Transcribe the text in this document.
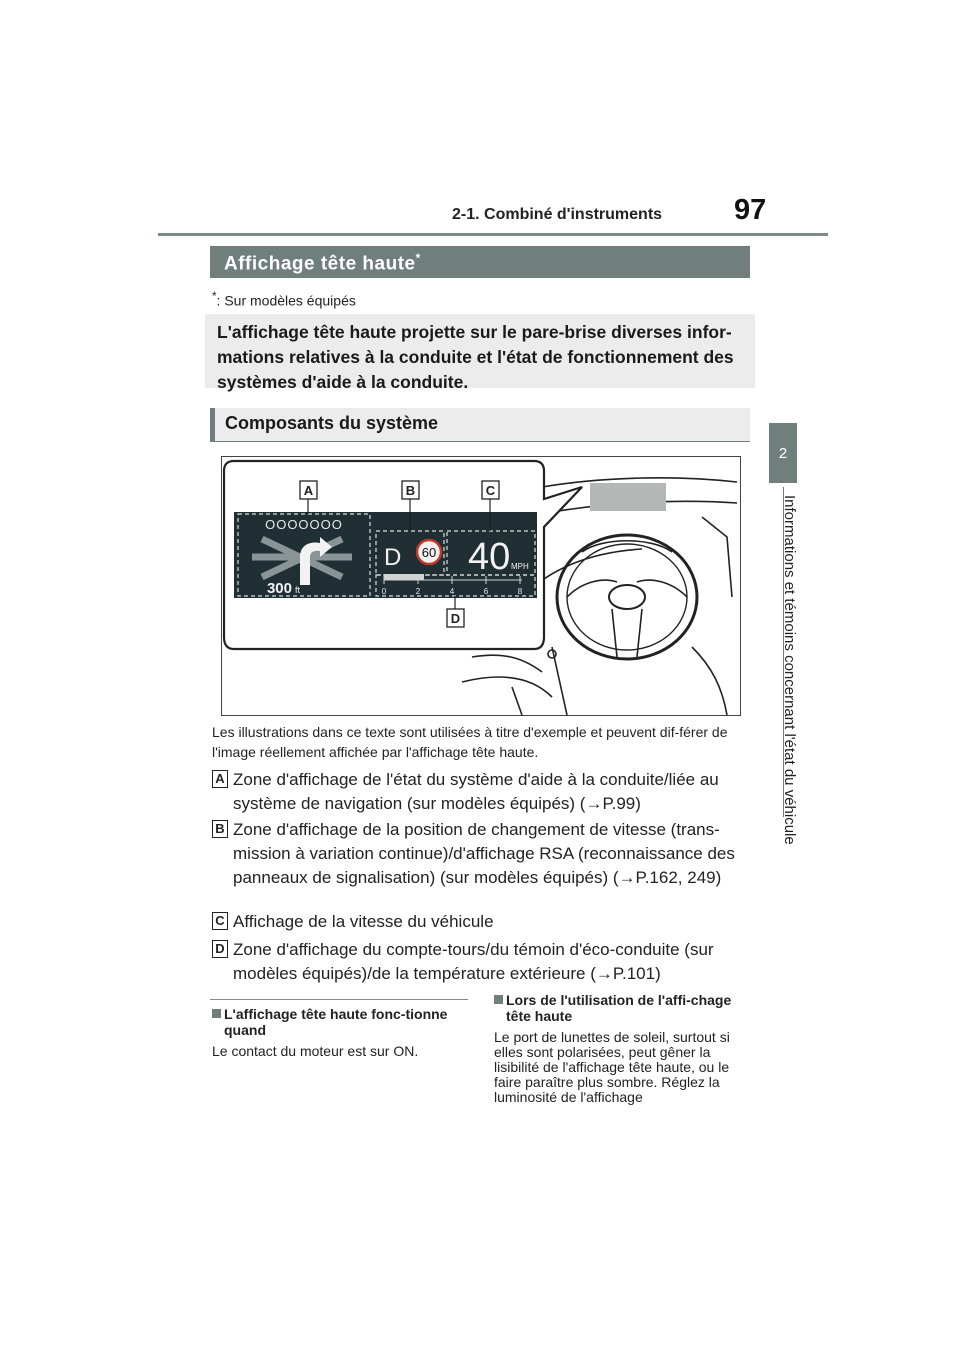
2-1. Combiné d'instruments 97
2
Informations et témoins concernant l'état du véhicule
Affichage tête haute*
*: Sur modèles équipés

L'affichage tête haute projette sur le pare-brise diverses infor-mations relatives à la conduite et l'état de fonctionnement des systèmes d'aide à la conduite.

Composants du système
OOOOOOO
300 ft
D 60 40 MPH
0	2	4	6	8
A	B	C
D
Les illustrations dans ce texte sont utilisées à titre d'exemple et peuvent dif-férer de l'image réellement affichée par l'affichage tête haute.
A Zone d'affichage de l'état du système d'aide à la conduite/liée au système de navigation (sur modèles équipés) (→P.99)
B Zone d'affichage de la position de changement de vitesse (trans-mission à variation continue)/d'affichage RSA (reconnaissance des panneaux de signalisation) (sur modèles équipés) (→P.162, 249)
C Affichage de la vitesse du véhicule
D Zone d'affichage du compte-tours/du témoin d'éco-conduite (sur modèles équipés)/de la température extérieure (→P.101)
L'affichage tête haute fonc-tionne quand
Le contact du moteur est sur ON.
Lors de l'utilisation de l'affi-chage tête haute
Le port de lunettes de soleil, surtout si elles sont polarisées, peut gêner la lisibilité de l'affichage tête haute, ou le faire paraître plus sombre. Réglez la luminosité de l'affichage
